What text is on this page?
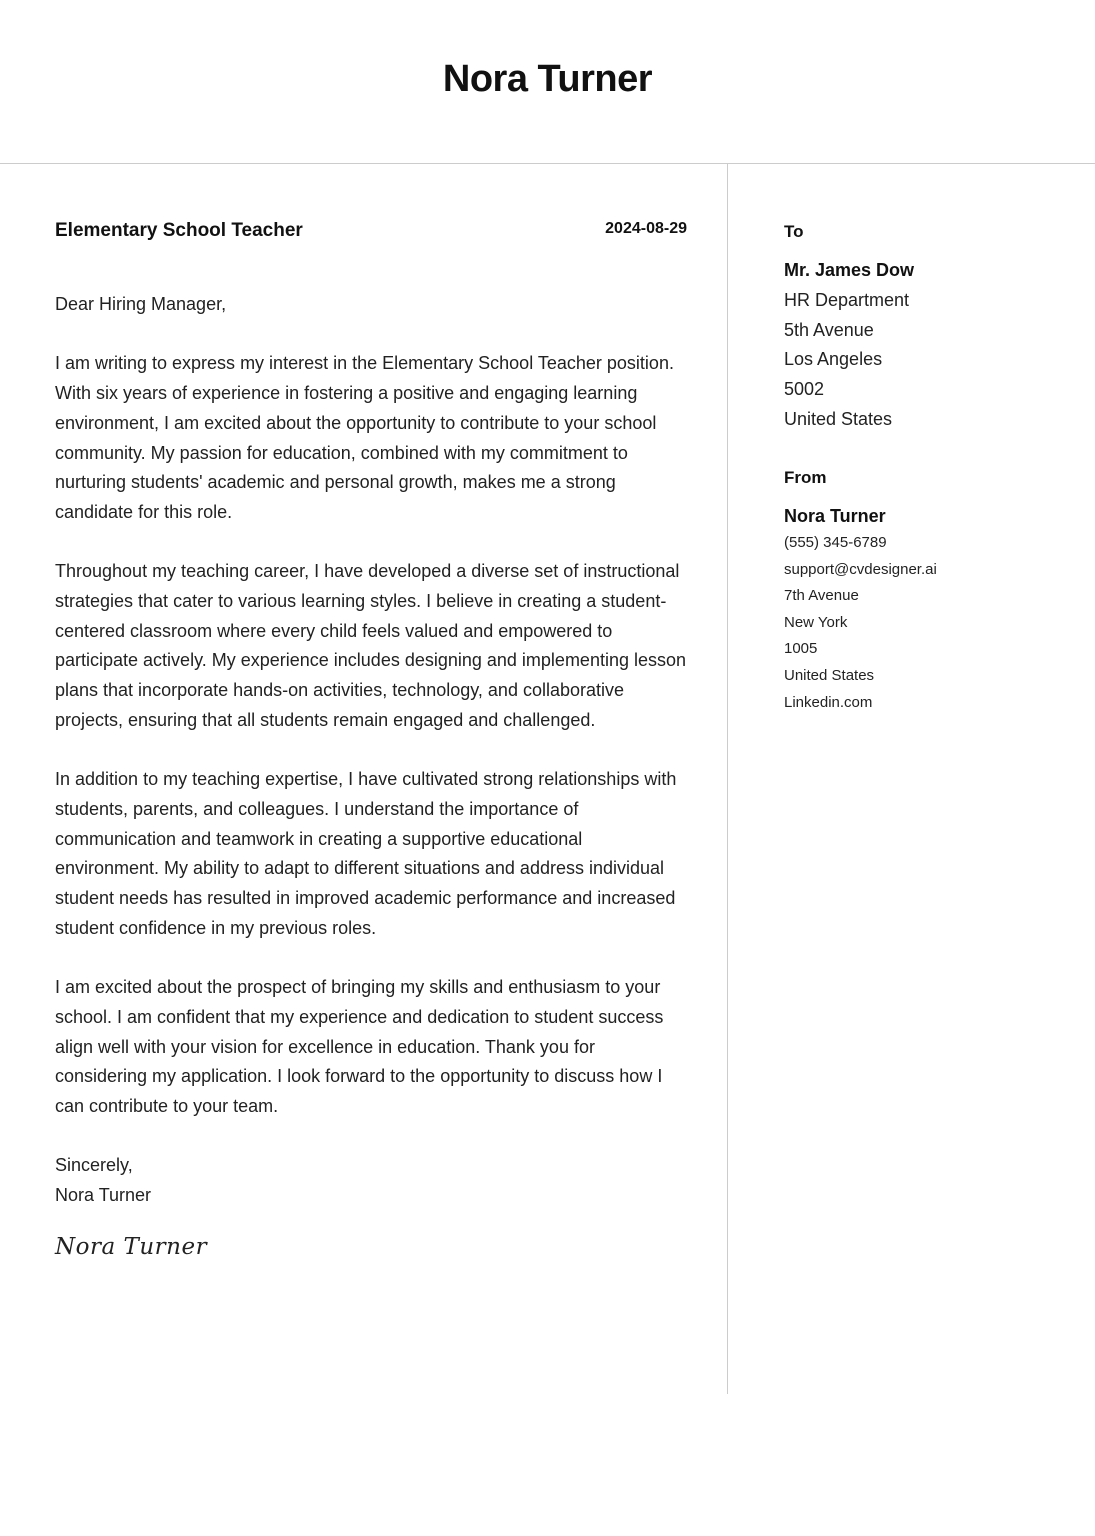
Nora Turner
Elementary School Teacher	2024-08-29

Dear Hiring Manager,

I am writing to express my interest in the Elementary School Teacher position. With six years of experience in fostering a positive and engaging learning environment, I am excited about the opportunity to contribute to your school community. My passion for education, combined with my commitment to nurturing students' academic and personal growth, makes me a strong candidate for this role.

Throughout my teaching career, I have developed a diverse set of instructional strategies that cater to various learning styles. I believe in creating a student-centered classroom where every child feels valued and empowered to participate actively. My experience includes designing and implementing lesson plans that incorporate hands-on activities, technology, and collaborative projects, ensuring that all students remain engaged and challenged.

In addition to my teaching expertise, I have cultivated strong relationships with students, parents, and colleagues. I understand the importance of communication and teamwork in creating a supportive educational environment. My ability to adapt to different situations and address individual student needs has resulted in improved academic performance and increased student confidence in my previous roles.

I am excited about the prospect of bringing my skills and enthusiasm to your school. I am confident that my experience and dedication to student success align well with your vision for excellence in education. Thank you for considering my application. I look forward to the opportunity to discuss how I can contribute to your team.

Sincerely,

Nora Turner

Nora Turner
To
Mr. James Dow
HR Department
5th Avenue
Los Angeles
5002
United States
From
Nora Turner
(555) 345-6789
support@cvdesigner.ai
7th Avenue
New York
1005
United States
Linkedin.com
